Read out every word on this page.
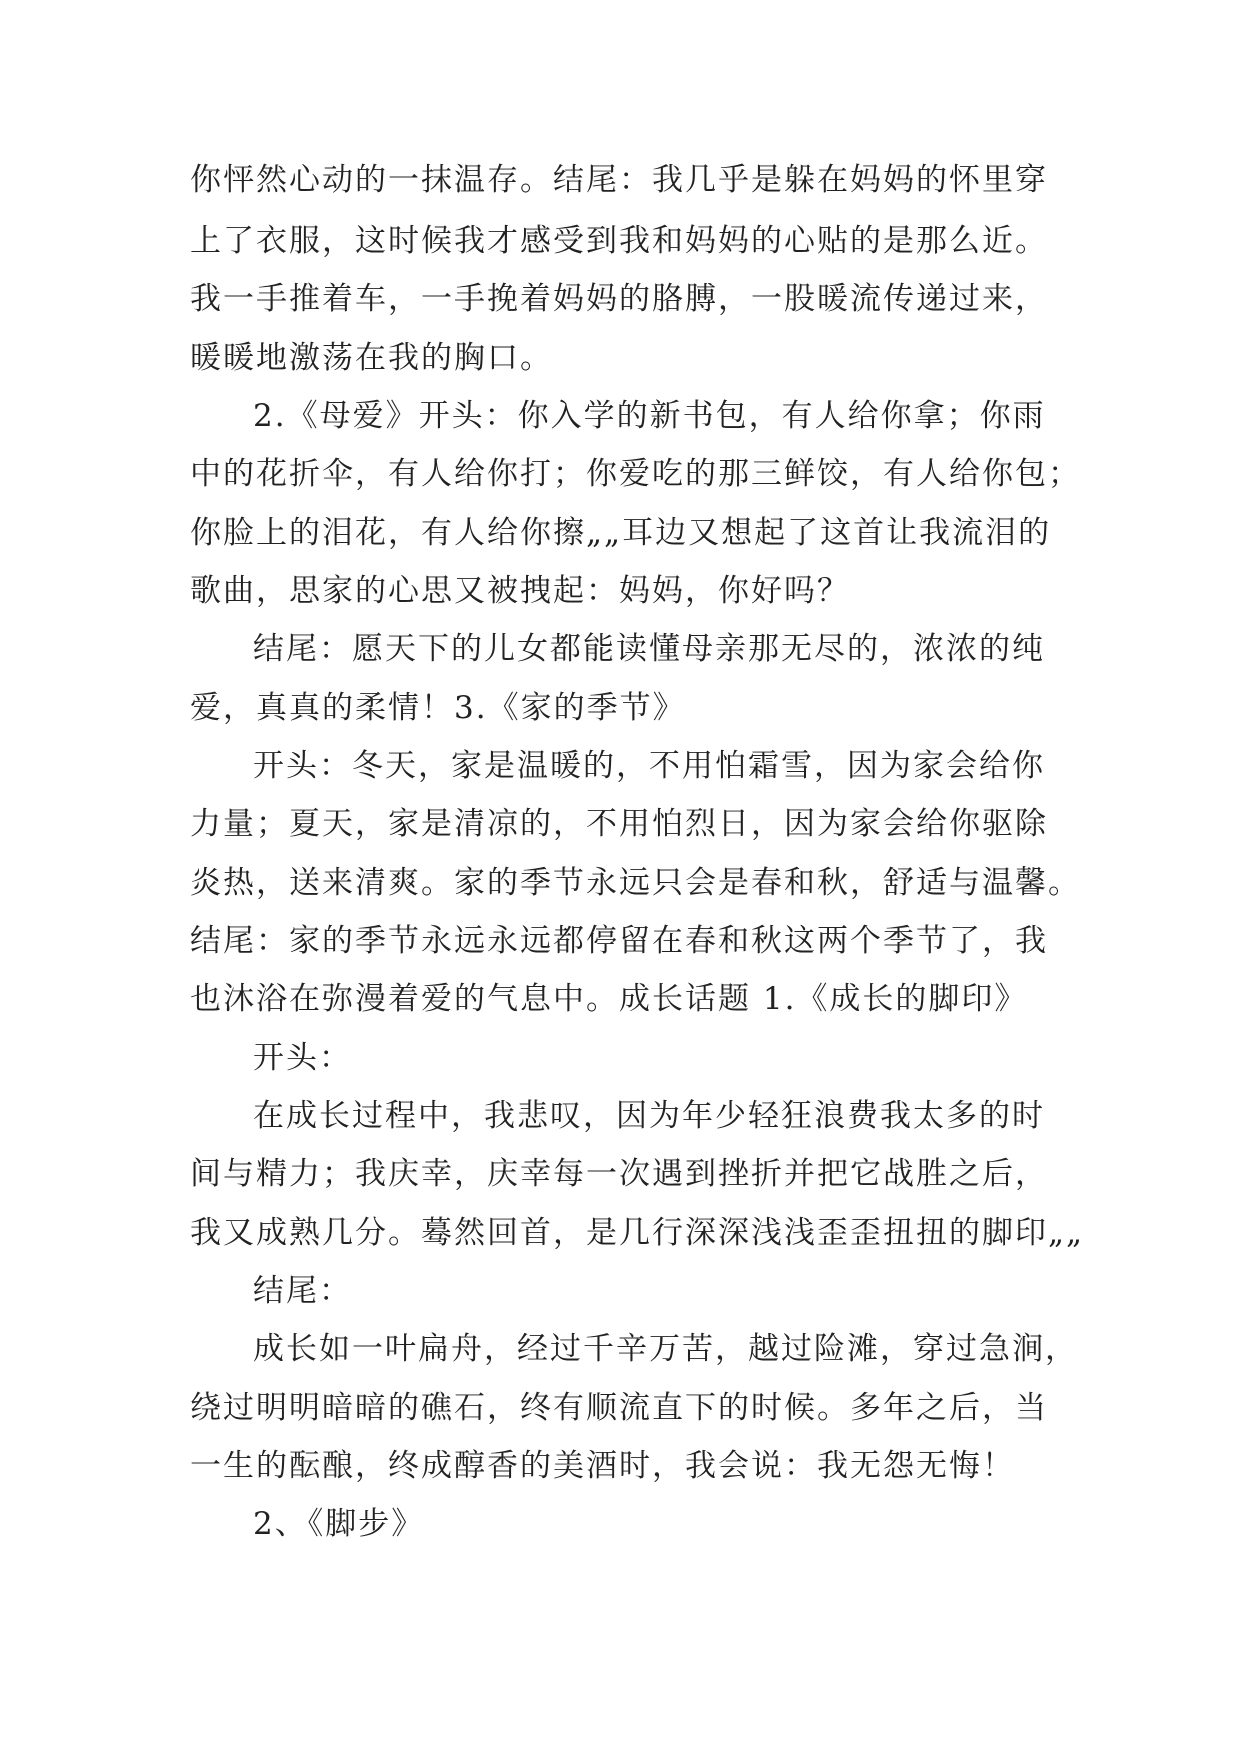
你怦然心动的一抹温存。结尾：我几乎是躲在妈妈的怀里穿
上了衣服，这时候我才感受到我和妈妈的心贴的是那么近。
我一手推着车，一手挽着妈妈的胳膊，一股暖流传递过来，
暖暖地激荡在我的胸口。
2.《母爱》开头：你入学的新书包，有人给你拿；你雨
中的花折伞，有人给你打；你爱吃的那三鲜饺，有人给你包；
你脸上的泪花，有人给你擦„„耳边又想起了这首让我流泪的
歌曲，思家的心思又被拽起：妈妈，你好吗？
结尾：愿天下的儿女都能读懂母亲那无尽的，浓浓的纯
爱，真真的柔情！3.《家的季节》
开头：冬天，家是温暖的，不用怕霜雪，因为家会给你
力量；夏天，家是清凉的，不用怕烈日，因为家会给你驱除
炎热，送来清爽。家的季节永远只会是春和秋，舒适与温馨。
结尾：家的季节永远永远都停留在春和秋这两个季节了，我
也沐浴在弥漫着爱的气息中。成长话题 1.《成长的脚印》
开头：
在成长过程中，我悲叹，因为年少轻狂浪费我太多的时
间与精力；我庆幸，庆幸每一次遇到挫折并把它战胜之后，
我又成熟几分。蓦然回首，是几行深深浅浅歪歪扭扭的脚印„„
结尾：
成长如一叶扁舟，经过千辛万苦，越过险滩，穿过急涧，
绕过明明暗暗的礁石，终有顺流直下的时候。多年之后，当
一生的酝酿，终成醇香的美酒时，我会说：我无怨无悔！
2、《脚步》
